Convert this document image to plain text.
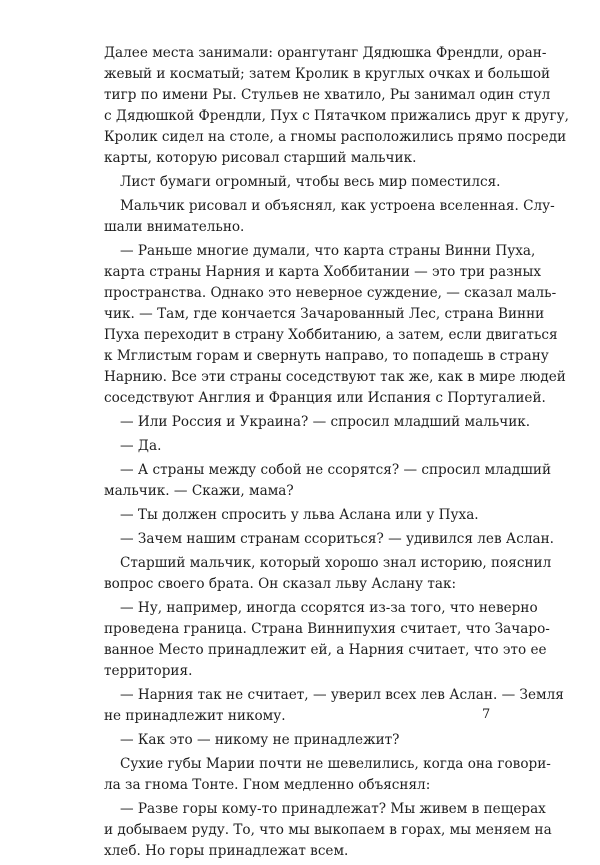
Далее места занимали: орангутанг Дядюшка Френдли, оран-
жевый и косматый; затем Кролик в круглых очках и большой
тигр по имени Ры. Стульев не хватило, Ры занимал один стул
с Дядюшкой Френдли, Пух с Пятачком прижались друг к другу,
Кролик сидел на столе, а гномы расположились прямо посреди
карты, которую рисовал старший мальчик.

Лист бумаги огромный, чтобы весь мир поместился.

Мальчик рисовал и объяснял, как устроена вселенная. Слу-
шали внимательно.

— Раньше многие думали, что карта страны Винни Пуха,
карта страны Нарния и карта Хоббитании — это три разных
пространства. Однако это неверное суждение, — сказал маль-
чик. — Там, где кончается Зачарованный Лес, страна Винни
Пуха переходит в страну Хоббитанию, а затем, если двигаться
к Мглистым горам и свернуть направо, то попадешь в страну
Нарнию. Все эти страны соседствуют так же, как в мире людей
соседствуют Англия и Франция или Испания с Португалией.

— Или Россия и Украина? — спросил младший мальчик.

— Да.

— А страны между собой не ссорятся? — спросил младший
мальчик. — Скажи, мама?

— Ты должен спросить у льва Аслана или у Пуха.

— Зачем нашим странам ссориться? — удивился лев Аслан.

Старший мальчик, который хорошо знал историю, пояснил
вопрос своего брата. Он сказал льву Аслану так:

— Ну, например, иногда ссорятся из-за того, что неверно
проведена граница. Страна Виннипухия считает, что Зачаро-
ванное Место принадлежит ей, а Нарния считает, что это ее
территория.

— Нарния так не считает, — уверил всех лев Аслан. — Земля
не принадлежит никому.

— Как это — никому не принадлежит?

Сухие губы Марии почти не шевелились, когда она говори-
ла за гнома Тонте. Гном медленно объяснял:

— Разве горы кому-то принадлежат? Мы живем в пещерах
и добываем руду. То, что мы выкопаем в горах, мы меняем на
хлеб. Но горы принадлежат всем.

7
